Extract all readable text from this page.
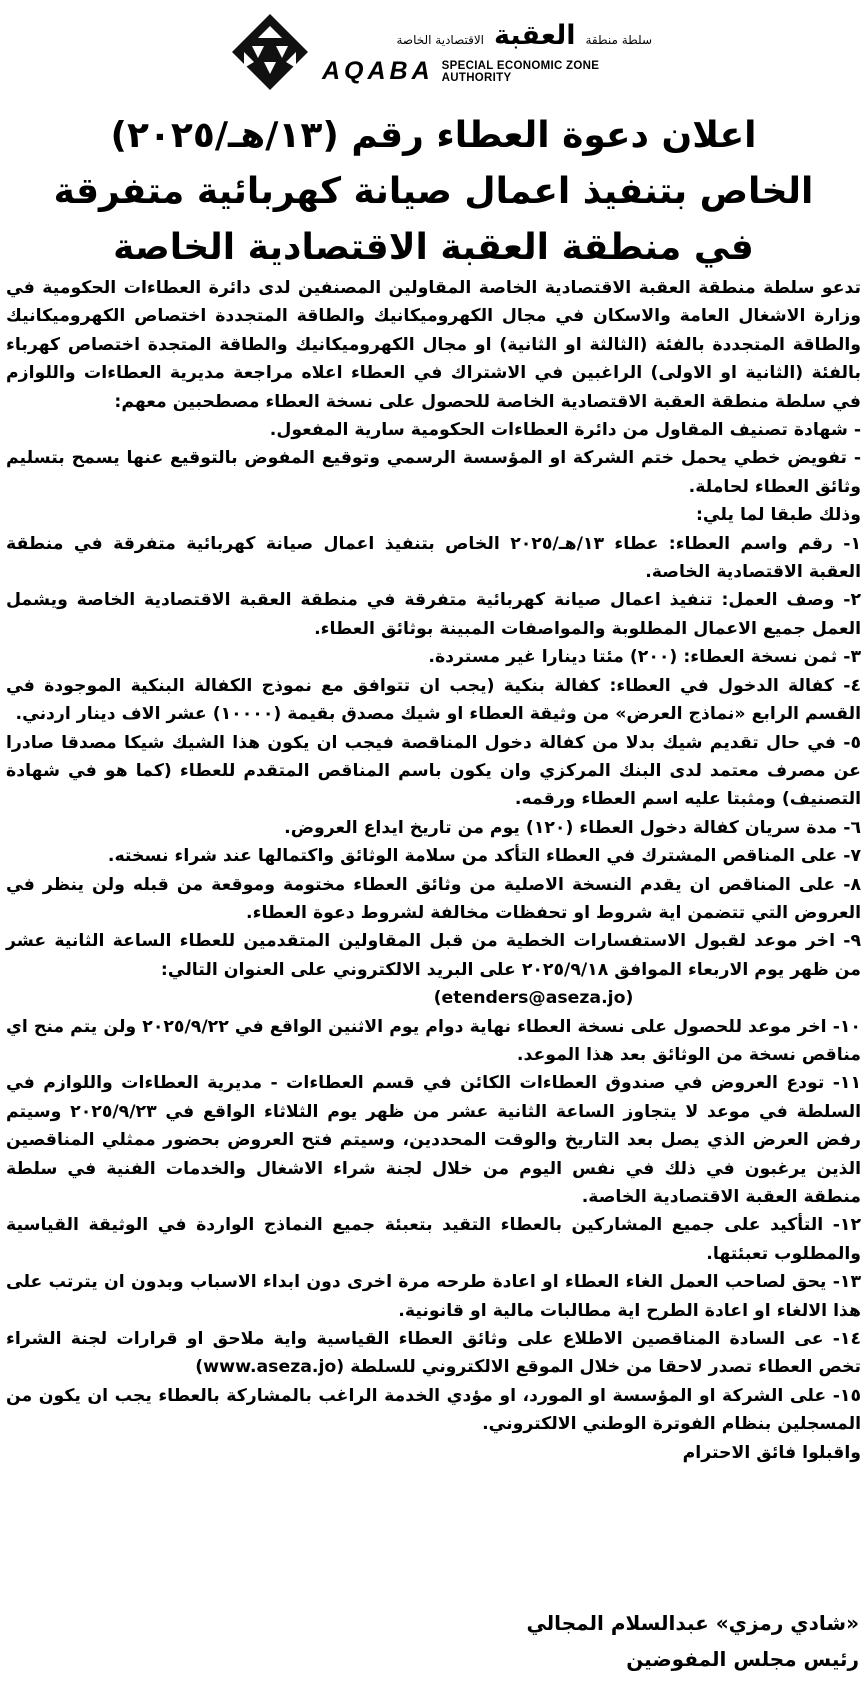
سلطة منطقة
العقبة
الاقتصادية الخاصة
AQABA SPECIAL ECONOMIC ZONE AUTHORITY
اعلان دعوة العطاء رقم (١٣/هـ/٢٠٢٥)
الخاص بتنفيذ اعمال صيانة كهربائية متفرقة
في منطقة العقبة الاقتصادية الخاصة

تدعو سلطة منطقة العقبة الاقتصادية الخاصة المقاولين المصنفين لدى دائرة العطاءات الحكومية في وزارة الاشغال العامة والاسكان في مجال الكهروميكانيك والطاقة المتجددة اختصاص الكهروميكانيك والطاقة المتجددة بالفئة (الثالثة او الثانية) او مجال الكهروميكانيك والطاقة المتجدة اختصاص كهرباء بالفئة (الثانية او الاولى) الراغبين في الاشتراك في العطاء اعلاه مراجعة مديرية العطاءات واللوازم في سلطة منطقة العقبة الاقتصادية الخاصة للحصول على نسخة العطاء مصطحبين معهم:

- شهادة تصنيف المقاول من دائرة العطاءات الحكومية سارية المفعول.

- تفويض خطي يحمل ختم الشركة او المؤسسة الرسمي وتوقيع المفوض بالتوقيع عنها يسمح بتسليم وثائق العطاء لحاملة.

وذلك طبقا لما يلي:

١- رقم واسم العطاء: عطاء ١٣/هـ/٢٠٢٥ الخاص بتنفيذ اعمال صيانة كهربائية متفرقة في منطقة العقبة الاقتصادية الخاصة.

٢- وصف العمل: تنفيذ اعمال صيانة كهربائية متفرقة في منطقة العقبة الاقتصادية الخاصة ويشمل العمل جميع الاعمال المطلوبة والمواصفات المبينة بوثائق العطاء.

٣- ثمن نسخة العطاء: (٢٠٠) مئتا دينارا غير مستردة.

٤- كفالة الدخول في العطاء: كفالة بنكية (يجب ان تتوافق مع نموذج الكفالة البنكية الموجودة في القسم الرابع «نماذج العرض» من وثيقة العطاء او شيك مصدق بقيمة (١٠٠٠٠) عشر الاف دينار اردني.

٥- في حال تقديم شيك بدلا من كفالة دخول المناقصة فيجب ان يكون هذا الشيك شيكا مصدقا صادرا عن مصرف معتمد لدى البنك المركزي وان يكون باسم المناقص المتقدم للعطاء (كما هو في شهادة التصنيف) ومثبتا عليه اسم العطاء ورقمه.

٦- مدة سريان كفالة دخول العطاء (١٢٠) يوم من تاريخ ايداع العروض.

٧- على المناقص المشترك في العطاء التأكد من سلامة الوثائق واكتمالها عند شراء نسخته.

٨- على المناقص ان يقدم النسخة الاصلية من وثائق العطاء مختومة وموقعة من قبله ولن ينظر في العروض التي تتضمن اية شروط او تحفظات مخالفة لشروط دعوة العطاء.

٩- اخر موعد لقبول الاستفسارات الخطية من قبل المقاولين المتقدمين للعطاء الساعة الثانية عشر من ظهر يوم الاربعاء الموافق ٢٠٢٥/٩/١٨ على البريد الالكتروني على العنوان التالي:

(etenders@aseza.jo)

١٠- اخر موعد للحصول على نسخة العطاء نهاية دوام يوم الاثنين الواقع في ٢٠٢٥/٩/٢٢ ولن يتم منح اي مناقص نسخة من الوثائق بعد هذا الموعد.

١١- تودع العروض في صندوق العطاءات الكائن في قسم العطاءات - مديرية العطاءات واللوازم في السلطة في موعد لا يتجاوز الساعة الثانية عشر من ظهر يوم الثلاثاء الواقع في ٢٠٢٥/٩/٢٣ وسيتم رفض العرض الذي يصل بعد التاريخ والوقت المحددين، وسيتم فتح العروض بحضور ممثلي المناقصين الذين يرغبون في ذلك في نفس اليوم من خلال لجنة شراء الاشغال والخدمات الفنية في سلطة منطقة العقبة الاقتصادية الخاصة.

١٢- التأكيد على جميع المشاركين بالعطاء التقيد بتعبئة جميع النماذج الواردة في الوثيقة القياسية والمطلوب تعبئتها.

١٣- يحق لصاحب العمل الغاء العطاء او اعادة طرحه مرة اخرى دون ابداء الاسباب وبدون ان يترتب على هذا الالغاء او اعادة الطرح اية مطالبات مالية او قانونية.

١٤- عى السادة المناقصين الاطلاع على وثائق العطاء القياسية واية ملاحق او قرارات لجنة الشراء تخص العطاء تصدر لاحقا من خلال الموقع الالكتروني للسلطة (www.aseza.jo)

١٥- على الشركة او المؤسسة او المورد، او مؤدي الخدمة الراغب بالمشاركة بالعطاء يجب ان يكون من المسجلين بنظام الفوترة الوطني الالكتروني.

واقبلوا فائق الاحترام

«شادي رمزي» عبدالسلام المجالي
رئيس مجلس المفوضين
